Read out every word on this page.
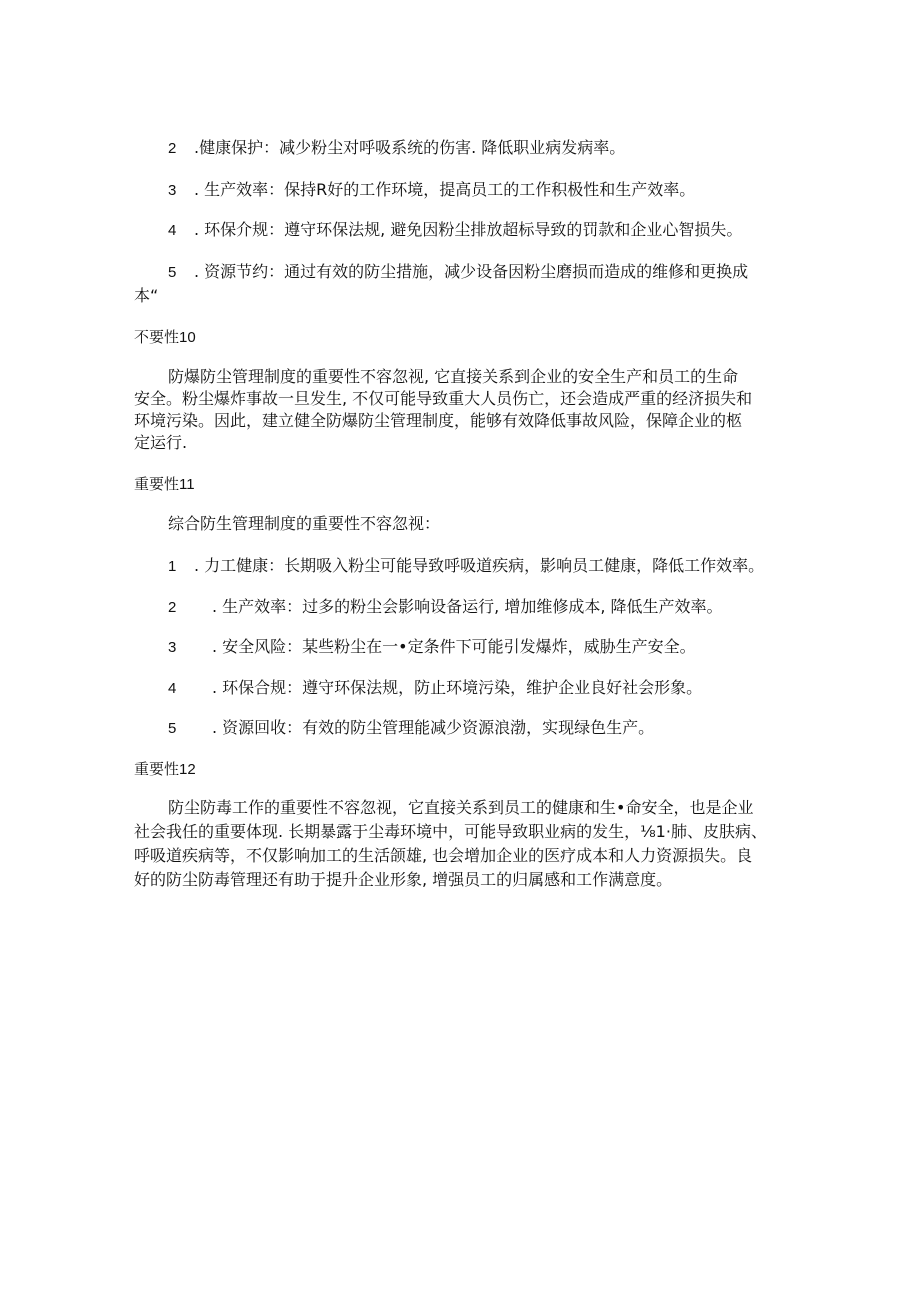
2 .健康保护：减少粉尘对呼吸系统的伤害. 降低职业病发病率。
3 . 生产效率：保持R好的工作环境，提高员工的工作积极性和生产效率。
4 . 环保介规：遵守环保法规, 避免因粉尘排放超标导致的罚款和企业心智损失。
5 . 资源节约：通过有效的防尘措施，减少设备因粉尘磨损而造成的维修和更换成
本“
不要性10
防爆防尘管理制度的重要性不容忽视, 它直接关系到企业的安全生产和员工的生命
安全。粉尘爆炸事故一旦发生, 不仅可能导致重大人员伤亡，还会造成严重的经济损失和
环境污染。因此，建立健全防爆防尘管理制度，能够有效降低事故风险，保障企业的柩
定运行.
重要性11
综合防生管理制度的重要性不容忽视：
1 . 力工健康：长期吸入粉尘可能导致呼吸道疾病，影响员工健康，降低工作效率。
2 . 生产效率：过多的粉尘会影响设备运行, 增加维修成本, 降低生产效率。
3 . 安全风险：某些粉尘在一•定条件下可能引发爆炸，威胁生产安全。
4 . 环保合规：遵守环保法规，防止环境污染，维护企业良好社会形象。
5 . 资源回收：有效的防尘管理能减少资源浪渤，实现绿色生产。
重要性12
防尘防毒工作的重要性不容忽视，它直接关系到员工的健康和生•命安全，也是企业
社会我任的重要体现. 长期暴露于尘毒环境中，可能导致职业病的发生，⅛1·肺、皮肤病、
呼吸道疾病等，不仅影响加工的生活颌雄, 也会增加企业的医疗成本和人力资源损失。良
好的防尘防毒管理还有助于提升企业形象, 增强员工的归属感和工作满意度。
